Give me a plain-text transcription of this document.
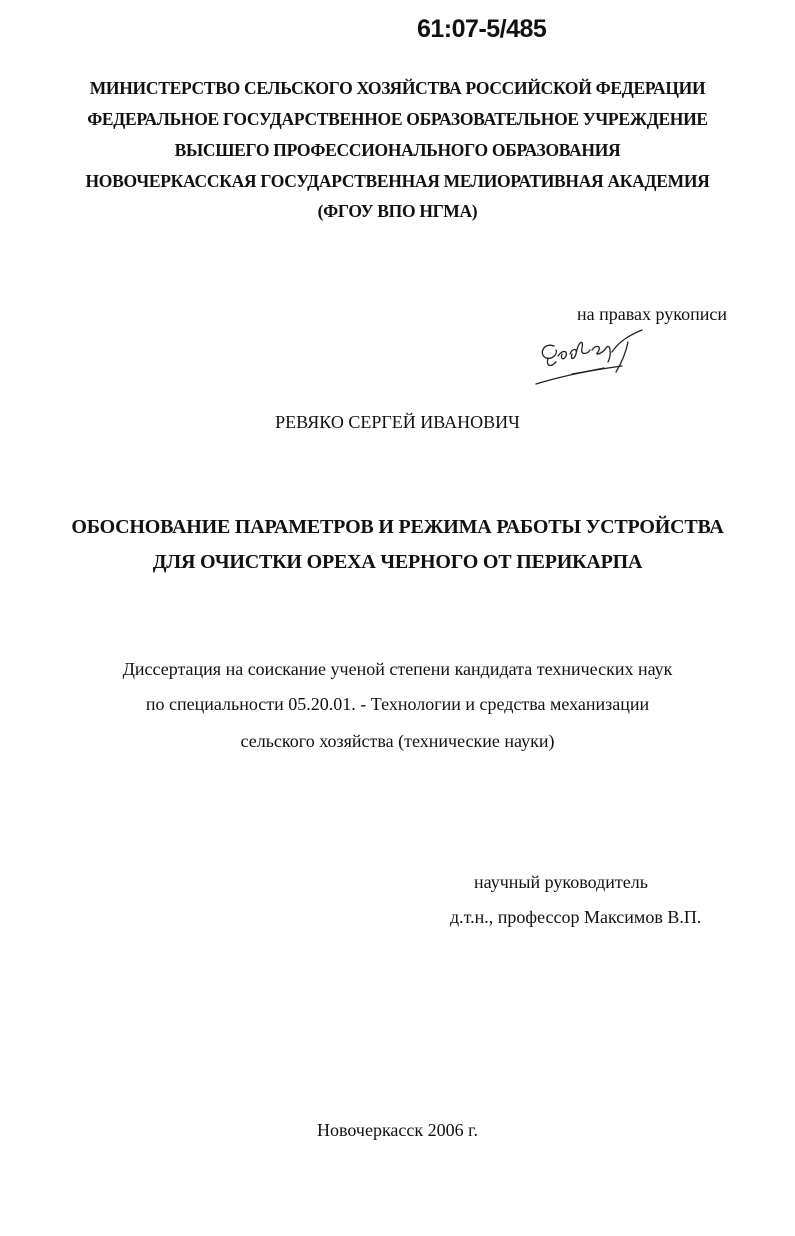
61:07-5/485
МИНИСТЕРСТВО СЕЛЬСКОГО ХОЗЯЙСТВА РОССИЙСКОЙ ФЕДЕРАЦИИ
ФЕДЕРАЛЬНОЕ ГОСУДАРСТВЕННОЕ ОБРАЗОВАТЕЛЬНОЕ УЧРЕЖДЕНИЕ
ВЫСШЕГО ПРОФЕССИОНАЛЬНОГО ОБРАЗОВАНИЯ
НОВОЧЕРКАССКАЯ ГОСУДАРСТВЕННАЯ МЕЛИОРАТИВНАЯ АКАДЕМИЯ
(ФГОУ ВПО НГМА)
на правах рукописи
РЕВЯКО СЕРГЕЙ ИВАНОВИЧ
ОБОСНОВАНИЕ ПАРАМЕТРОВ И РЕЖИМА РАБОТЫ УСТРОЙСТВА
ДЛЯ ОЧИСТКИ ОРЕХА ЧЕРНОГО ОТ ПЕРИКАРПА
Диссертация на соискание ученой степени кандидата технических наук
по специальности 05.20.01. - Технологии и средства механизации
сельского хозяйства (технические науки)
научный руководитель
д.т.н., профессор Максимов В.П.
Новочеркасск 2006 г.
